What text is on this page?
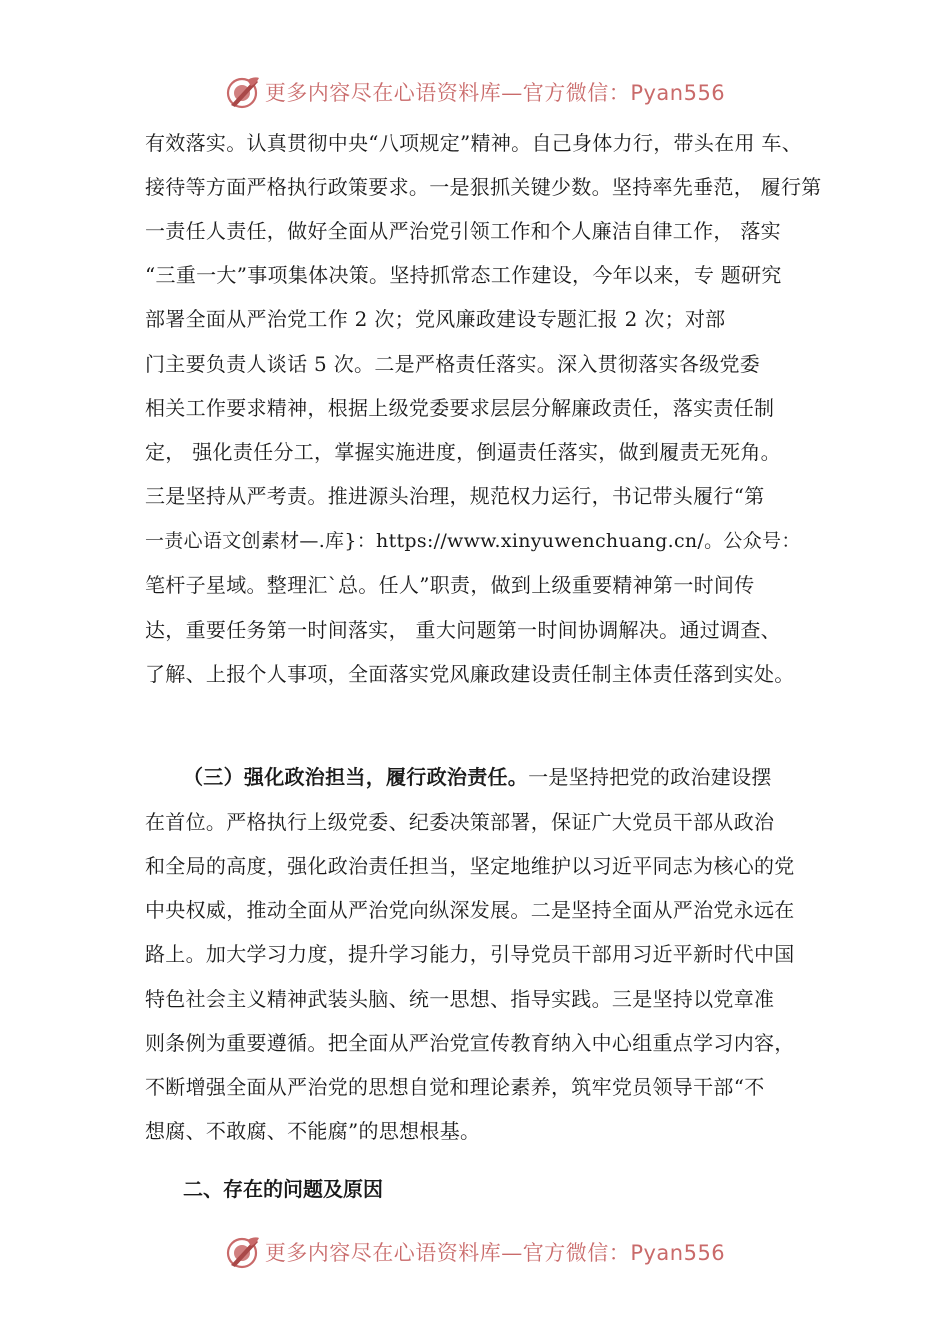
更多内容尽在心语资料库—官方微信：Pyan556
有效落实。认真贯彻中央“八项规定”精神。自己身体力行，带头在用 车、
接待等方面严格执行政策要求。一是狠抓关键少数。坚持率先垂范， 履行第
一责任人责任，做好全面从严治党引领工作和个人廉洁自律工作， 落实
“三重一大”事项集体决策。坚持抓常态工作建设，今年以来，专 题研究
部署全面从严治党工作 2 次；党风廉政建设专题汇报 2 次；对部
门主要负责人谈话 5 次。二是严格责任落实。深入贯彻落实各级党委
相关工作要求精神，根据上级党委要求层层分解廉政责任，落实责任制
定， 强化责任分工，掌握实施进度，倒逼责任落实，做到履责无死角。
三是坚持从严考责。推进源头治理，规范权力运行，书记带头履行“第
一责心语文创素材—.库}：https://www.xinyuwenchuang.cn/。公众号：
笔杆子星域。整理汇`总。任人”职责，做到上级重要精神第一时间传
达，重要任务第一时间落实， 重大问题第一时间协调解决。通过调查、
了解、上报个人事项，全面落实党风廉政建设责任制主体责任落到实处。
（三）强化政治担当，履行政治责任。一是坚持把党的政治建设摆
在首位。严格执行上级党委、纪委决策部署，保证广大党员干部从政治
和全局的高度，强化政治责任担当，坚定地维护以习近平同志为核心的党
中央权威，推动全面从严治党向纵深发展。二是坚持全面从严治党永远在
路上。加大学习力度，提升学习能力，引导党员干部用习近平新时代中国
特色社会主义精神武装头脑、统一思想、指导实践。三是坚持以党章准
则条例为重要遵循。把全面从严治党宣传教育纳入中心组重点学习内容，
不断增强全面从严治党的思想自觉和理论素养，筑牢党员领导干部“不
想腐、不敢腐、不能腐”的思想根基。
二、存在的问题及原因
更多内容尽在心语资料库—官方微信：Pyan556
